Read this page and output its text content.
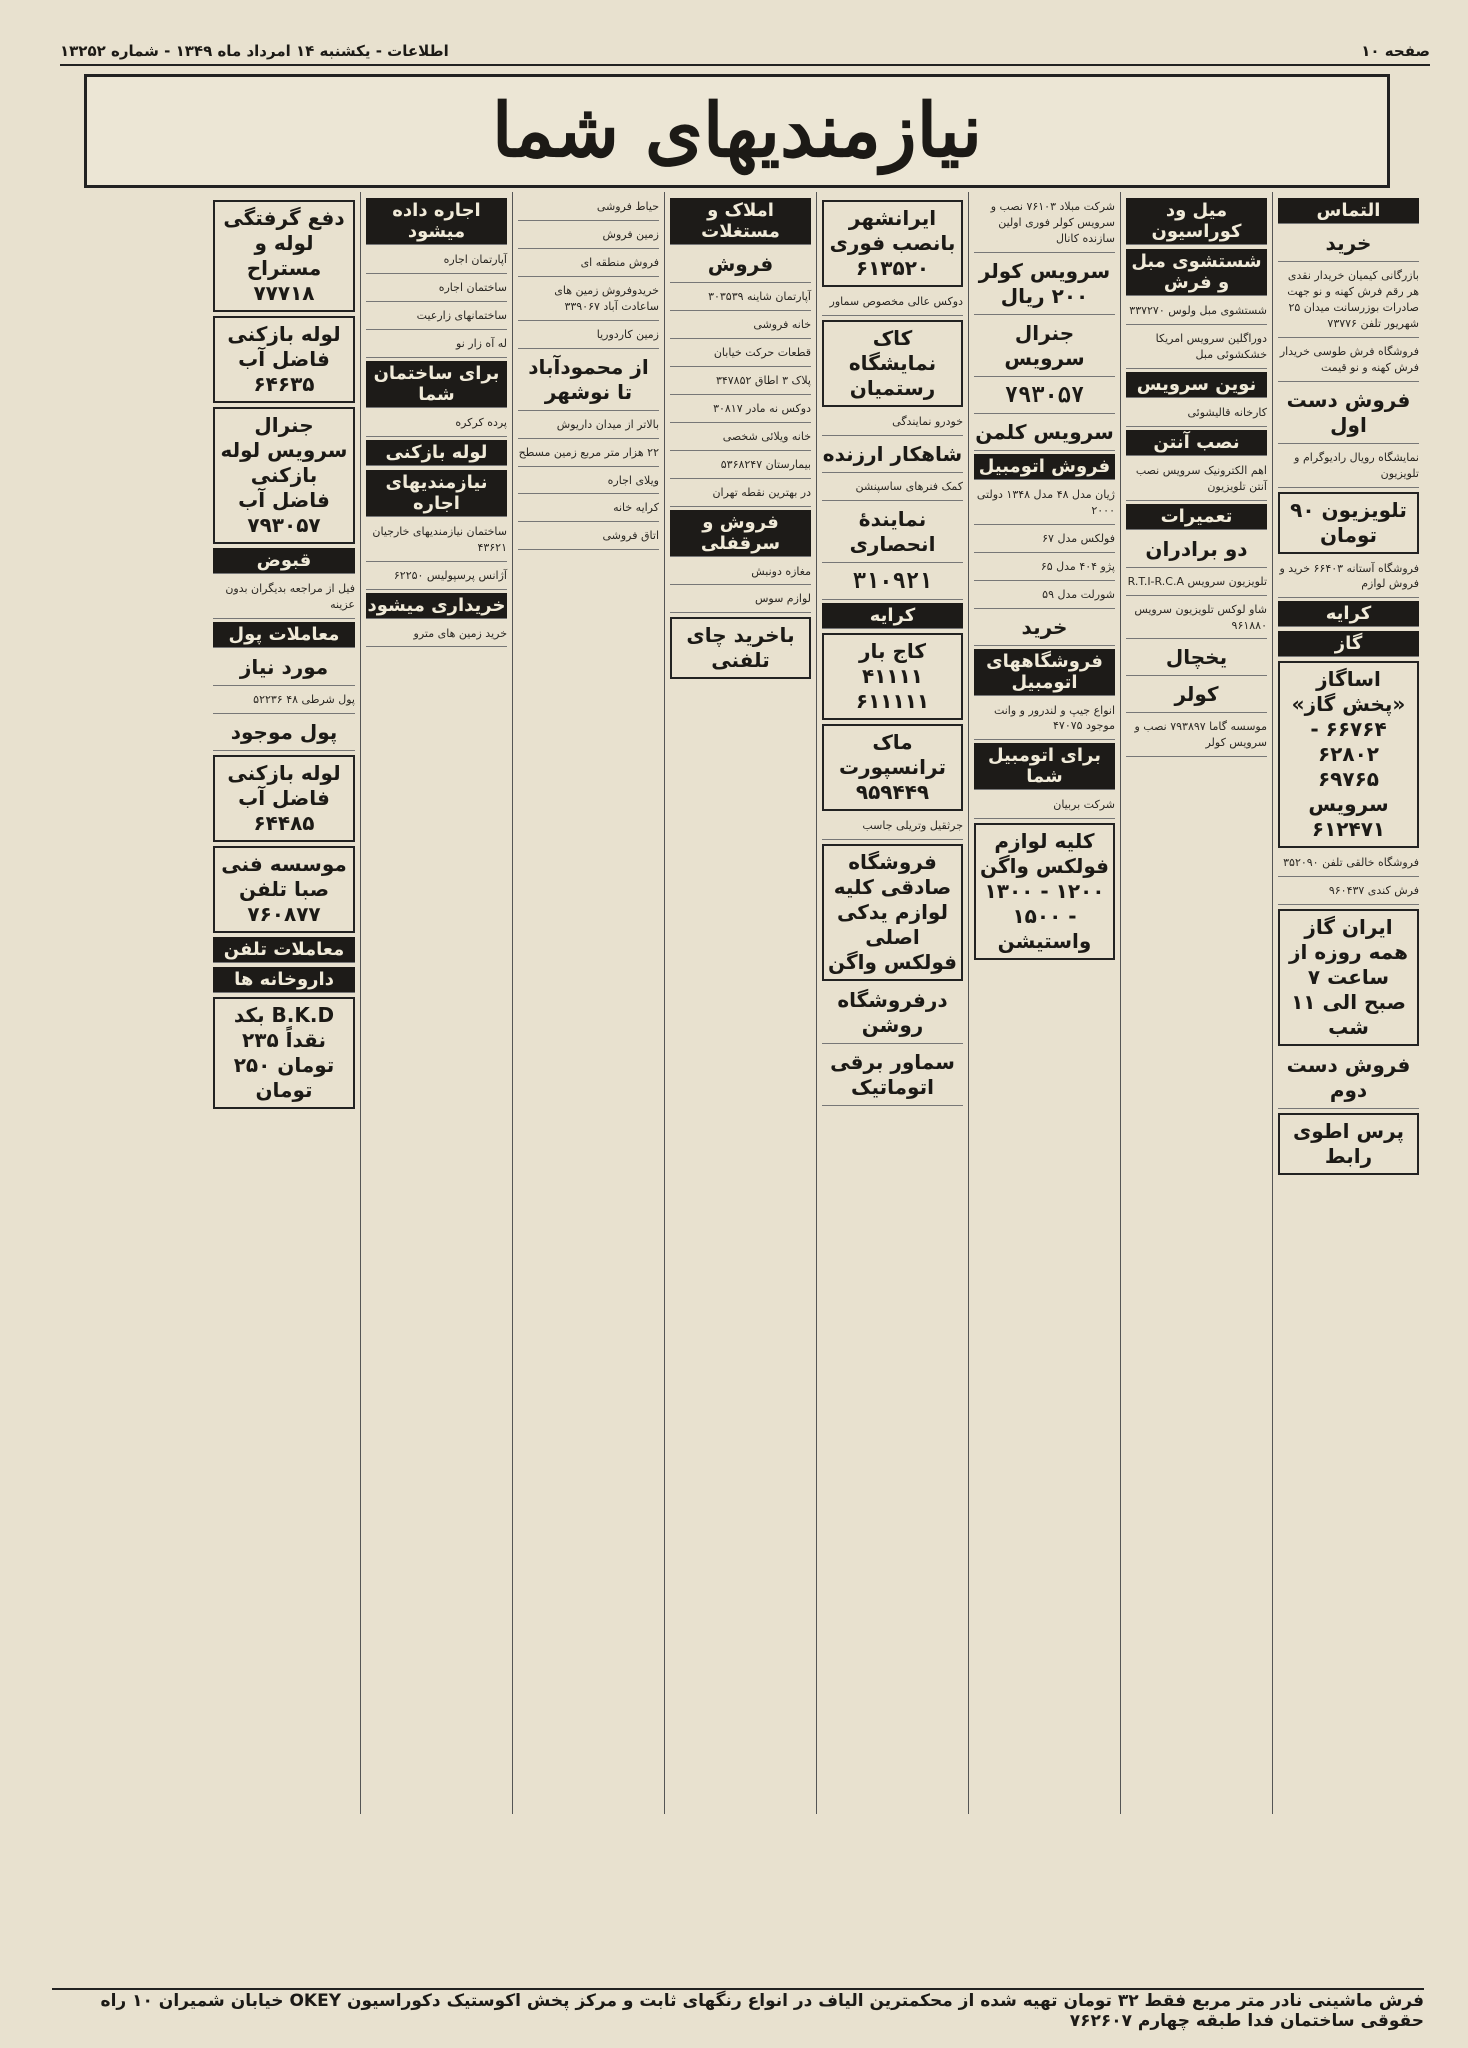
صفحه ۱۰
اطلاعات - یکشنبه ۱۴ امرداد ماه ۱۳۴۹ - شماره ۱۳۲۵۲
نیازمندیهای شما
التماس
خرید
بازرگانی کیمیان خریدار نقدی هر رقم فرش کهنه و نو جهت صادرات بوزرسانت میدان ۲۵ شهریور تلفن ۷۳۷۷۶
فروشگاه فرش طوسی خریدار فرش کهنه و نو قیمت
فروش دست اول
نمایشگاه رویال رادیوگرام و تلویزیون
تلویزیون ۹۰ تومان
فروشگاه آستانه ۶۶۴۰۳ خرید و فروش لوازم
کرایه
گاز
اساگاز «پخش گاز» ۶۶۷۶۴ - ۶۲۸۰۲ ۶۹۷۶۵ سرویس ۶۱۲۴۷۱
فروشگاه خالقی تلفن ۳۵۲۰۹۰
فرش کندی ۹۶۰۴۳۷
ایران گاز همه روزه از ساعت ۷ صبح الی ۱۱ شب
فروش دست دوم
پرس اطوی رابط
میل ود کوراسیون
شستشوی مبل و فرش
شستشوی مبل ولوس ۳۳۷۲۷۰
دوراگلین سرویس امریکا خشکشوئی مبل
نوین سرویس
کارخانه قالیشوئی
نصب آنتن
اهم الکترونیک سرویس نصب آنتن تلویزیون
تعمیرات
دو برادران
تلویزیون سرویس R.T.I-R.C.A
شاو لوکس تلویزیون سرویس ۹۶۱۸۸۰
یخچال
کولر
موسسه گاما ۷۹۳۸۹۷ نصب و سرویس کولر
شرکت مبلاد ۷۶۱۰۳ نصب و سرویس کولر فوری اولین سازنده کانال
سرویس کولر ۲۰۰ ریال
جنرال سرویس
۷۹۳۰۵۷
سرویس کلمن
فروش اتومبیل
ژیان مدل ۴۸ مدل ۱۳۴۸ دولتی ۲۰۰۰
فولکس مدل ۶۷
پژو ۴۰۴ مدل ۶۵
شورلت مدل ۵۹
خرید
فروشگاههای اتومبیل
انواع جیپ و لندرور و وانت موجود ۴۷۰۷۵
برای اتومبیل شما
شرکت بربیان
کلیه لوازم فولکس واگن ۱۲۰۰ - ۱۳۰۰ - ۱۵۰۰ واستیشن
ایرانشهر بانصب فوری ۶۱۳۵۲۰
دوکس عالی مخصوص سماور
کاک نمایشگاه رستمیان
خودرو نمایندگی
شاهکار ارزنده
کمک فنرهای ساسپنشن
نمایندهٔ انحصاری
۳۱۰۹۲۱
کرایه
کاج بار ۴۱۱۱۱ ۶۱۱۱۱۱
ماک ترانسپورت ۹۵۹۴۴۹
جرثقیل وتریلی جاسب
فروشگاه صادقی کلیه لوازم یدکی اصلی فولکس واگن
درفروشگاه روشن
سماور برقی اتوماتیک
املاک و مستغلات
فروش
آپارتمان شاینه ۳۰۳۵۳۹
خانه فروشی
قطعات حرکت خیابان
پلاک ۳ اطاق ۳۴۷۸۵۲
دوکس نه مادر ۳۰۸۱۷
خانه ویلائی شخصی
بیمارستان ۵۳۶۸۲۴۷
در بهترین نقطه تهران
فروش و سرقفلی
مغازه دونبش
لوازم سوس
باخرید چای تلفنی
حیاط فروشی
زمین فروش
فروش منطقه ای
خریدوفروش زمین های ساعادت آباد ۳۳۹۰۶۷
زمین کاردوریا
از محمودآباد تا نوشهر
بالاتر از میدان داریوش
۲۲ هزار متر مربع زمین مسطح
ویلای اجاره
کرایه خانه
اتاق فروشی
اجاره داده میشود
آپارتمان اجاره
ساختمان اجاره
ساختمانهای زارعیت
له آه زار نو
برای ساختمان شما
پرده کرکره
لوله بازکنی
نیازمندیهای اجاره
ساختمان نیازمندیهای خارجیان ۴۳۶۲۱
آژانس پرسپولیس ۶۲۲۵۰
خریداری میشود
خرید زمین های مترو
دفع گرفتگی لوله و مستراح ۷۷۷۱۸
لوله بازکنی فاضل آب ۶۴۶۳۵
جنرال سرویس لوله بازکنی فاضل آب ۷۹۳۰۵۷
قبوض
فیل از مراجعه بدیگران بدون عزینه
معاملات پول
مورد نیاز
پول شرطی ۴۸ ۵۲۲۳۶
پول موجود
لوله بازکنی فاضل آب ۶۴۴۸۵
موسسه فنی صبا تلفن ۷۶۰۸۷۷
معاملات تلفن
داروخانه ها
B.K.D بکد نقداً ۲۳۵ تومان ۲۵۰ تومان
فرش ماشینی نادر متر مربع فقط ۳۲ تومان تهیه شده از محکمترین الیاف در انواع رنگهای ثابت و مرکز پخش اکوستیک دکوراسیون OKEY خیابان شمیران ۱۰ راه حقوقی ساختمان فدا طبقه چهارم ۷۶۲۶۰۷
